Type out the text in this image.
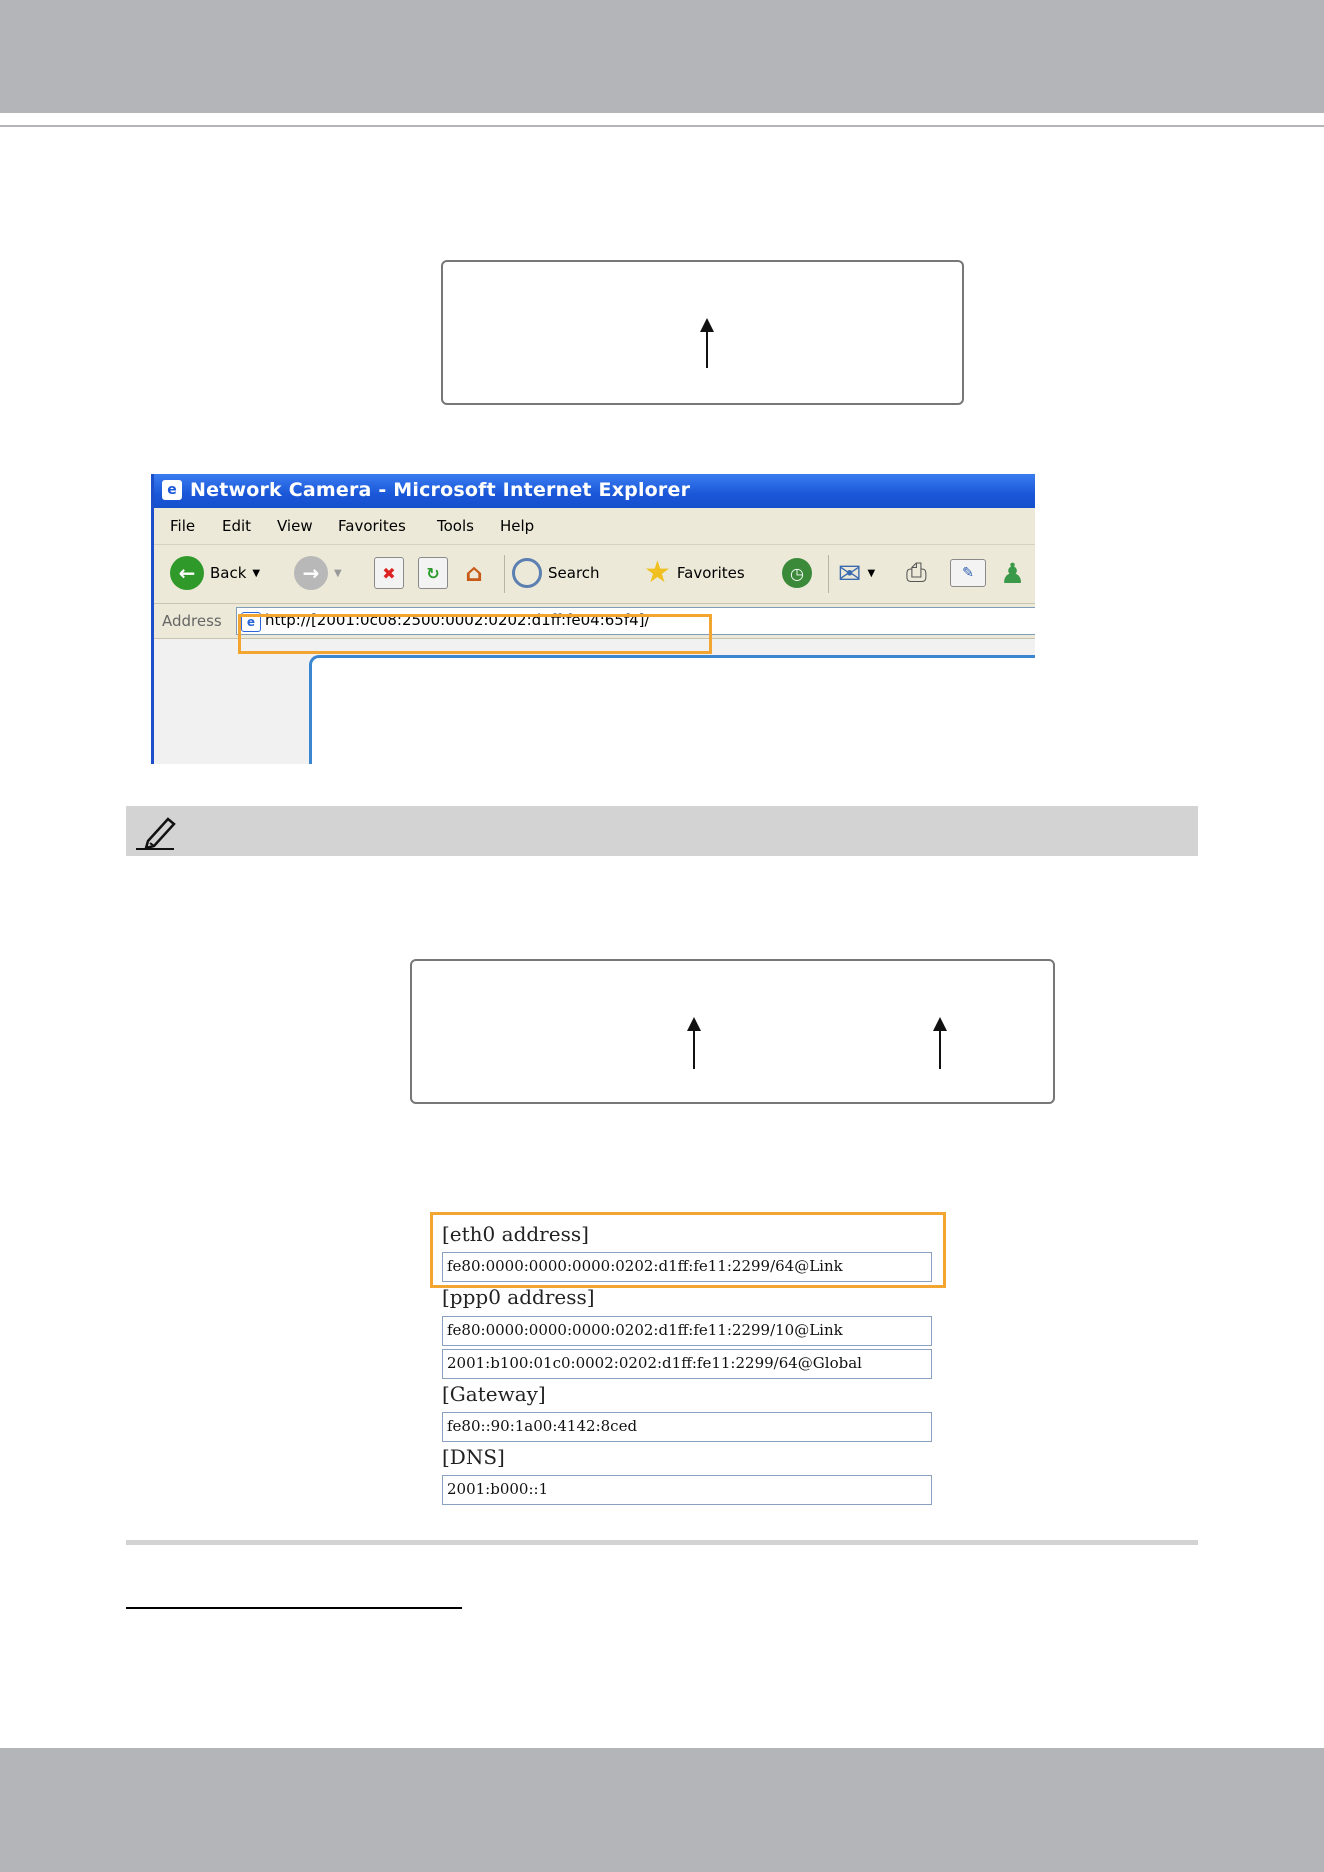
e Network Camera - Microsoft Internet Explorer
File Edit View Favorites Tools Help
← Back ▼	→	▼	✖	↻	⌂	Search ★ Favorites	◷ ✉ ▼ ⎙	✎ ♟
Address	e http://[2001:0c08:2500:0002:0202:d1ff:fe04:65f4]/
[eth0 address]
fe80:0000:0000:0000:0202:d1ff:fe11:2299/64@Link
[ppp0 address]
fe80:0000:0000:0000:0202:d1ff:fe11:2299/10@Link
2001:b100:01c0:0002:0202:d1ff:fe11:2299/64@Global
[Gateway]
fe80::90:1a00:4142:8ced
[DNS]
2001:b000::1
